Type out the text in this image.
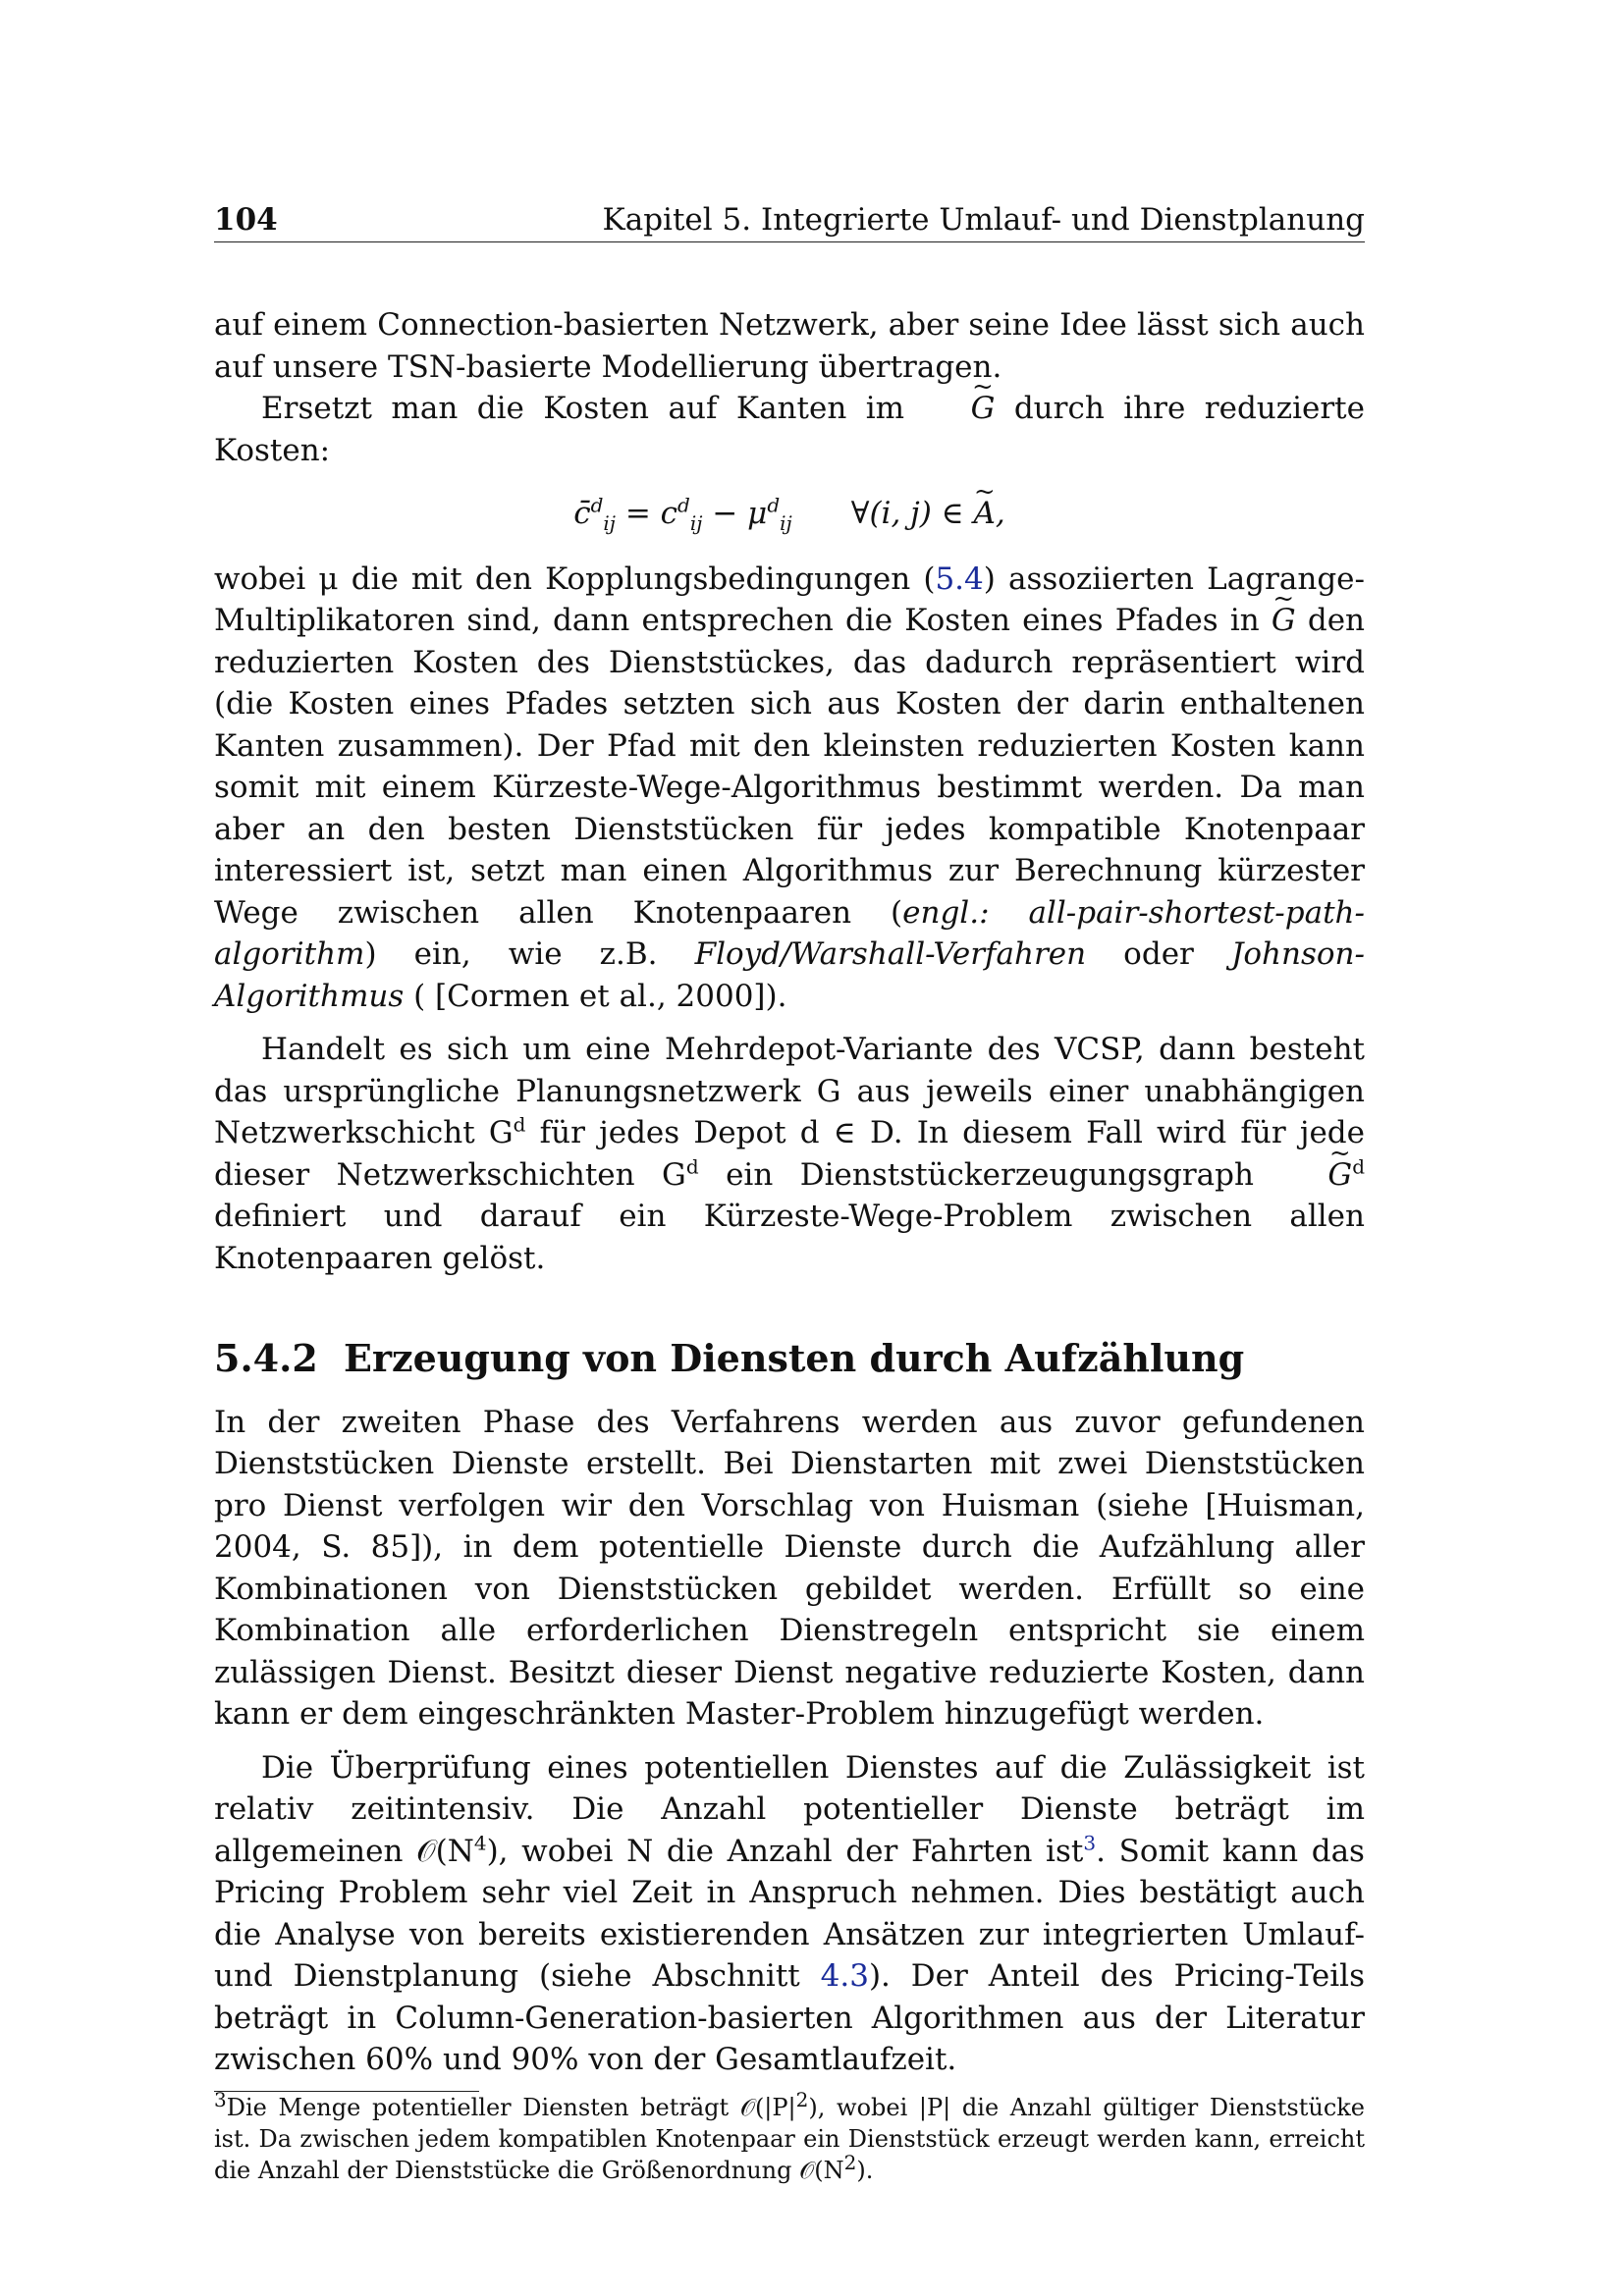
104	Kapitel 5. Integrierte Umlauf- und Dienstplanung

auf einem Connection-basierten Netzwerk, aber seine Idee lässt sich auch auf unsere TSN-basierte Modellierung übertragen.

Ersetzt man die Kosten auf Kanten im ~ G durch ihre reduzierte Kosten:

c̄$^d_{ij}$ = $c^d_{ij} - \mu^d_{ij}$ ∀(i, j) ∈ ~ A,

wobei μ die mit den Kopplungsbedingungen (5.4) assoziierten Lagrange-Multiplikatoren sind, dann entsprechen die Kosten eines Pfades in ~ G den reduzierten Kosten des Dienststückes, das dadurch repräsentiert wird (die Kosten eines Pfades setzten sich aus Kosten der darin enthaltenen Kanten zusammen). Der Pfad mit den kleinsten reduzierten Kosten kann somit mit einem Kürzeste-Wege-Algorithmus bestimmt werden. Da man aber an den besten Dienststücken für jedes kompatible Knotenpaar interessiert ist, setzt man einen Algorithmus zur Berechnung kürzester Wege zwischen allen Knotenpaaren (engl.: all-pair-shortest-path-algorithm) ein, wie z.B. Floyd/Warshall-Verfahren oder Johnson-Algorithmus ( [Cormen et al., 2000]).

Handelt es sich um eine Mehrdepot-Variante des VCSP, dann besteht das ursprüngliche Planungsnetzwerk G aus jeweils einer unabhängigen Netzwerkschicht $G^d$ für jedes Depot d ∈ D. In diesem Fall wird für jede dieser Netzwerkschichten $G^d$ ein Dienststückerzeugungsgraph ~ $G^d$ definiert und darauf ein Kürzeste-Wege-Problem zwischen allen Knotenpaaren gelöst.

5.4.2 Erzeugung von Diensten durch Aufzählung

In der zweiten Phase des Verfahrens werden aus zuvor gefundenen Dienststücken Dienste erstellt. Bei Dienstarten mit zwei Dienststücken pro Dienst verfolgen wir den Vorschlag von Huisman (siehe [Huisman, 2004, S. 85]), in dem potentielle Dienste durch die Aufzählung aller Kombinationen von Dienststücken gebildet werden. Erfüllt so eine Kombination alle erforderlichen Dienstregeln entspricht sie einem zulässigen Dienst. Besitzt dieser Dienst negative reduzierte Kosten, dann kann er dem eingeschränkten Master-Problem hinzugefügt werden.

Die Überprüfung eines potentiellen Dienstes auf die Zulässigkeit ist relativ zeitintensiv. Die Anzahl potentieller Dienste beträgt im allgemeinen $𝒪(N^4)$, wobei N die Anzahl der Fahrten ist$^3$. Somit kann das Pricing Problem sehr viel Zeit in Anspruch nehmen. Dies bestätigt auch die Analyse von bereits existierenden Ansätzen zur integrierten Umlauf- und Dienstplanung (siehe Abschnitt 4.3). Der Anteil des Pricing-Teils beträgt in Column-Generation-basierten Algorithmen aus der Literatur zwischen 60% und 90% von der Gesamtlaufzeit.

$^3$Die Menge potentieller Diensten beträgt $𝒪(|P|^2)$, wobei |P| die Anzahl gültiger Dienststücke ist. Da zwischen jedem kompatiblen Knotenpaar ein Dienststück erzeugt werden kann, erreicht die Anzahl der Dienststücke die Größenordnung $𝒪(N^2)$.
